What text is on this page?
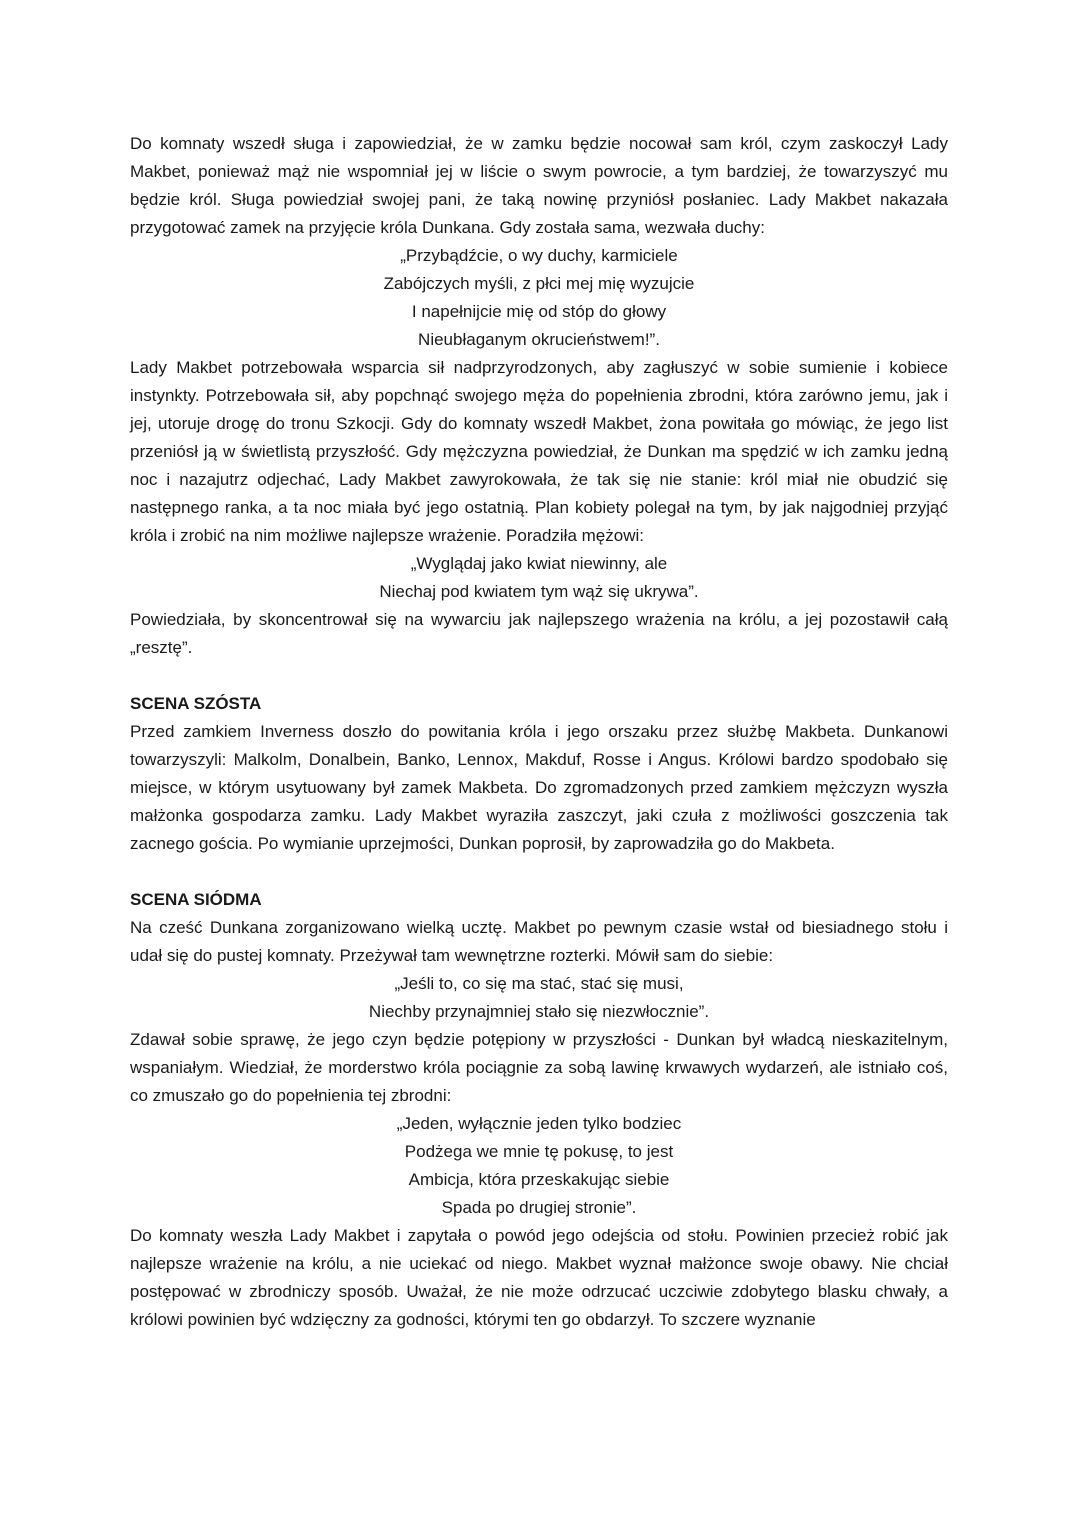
Do komnaty wszedł sługa i zapowiedział, że w zamku będzie nocował sam król, czym zaskoczył Lady Makbet, ponieważ mąż nie wspomniał jej w liście o swym powrocie, a tym bardziej, że towarzyszyć mu będzie król. Sługa powiedział swojej pani, że taką nowinę przyniósł posłaniec. Lady Makbet nakazała przygotować zamek na przyjęcie króla Dunkana. Gdy została sama, wezwała duchy:

„Przybądźcie, o wy duchy, karmiciele
Zabójczych myśli, z płci mej mię wyzujcie
I napełnijcie mię od stóp do głowy
Nieubłaganym okrucieństwem!”.

Lady Makbet potrzebowała wsparcia sił nadprzyrodzonych, aby zagłuszyć w sobie sumienie i kobiece instynkty. Potrzebowała sił, aby popchnąć swojego męża do popełnienia zbrodni, która zarówno jemu, jak i jej, utoruje drogę do tronu Szkocji. Gdy do komnaty wszedł Makbet, żona powitała go mówiąc, że jego list przeniósł ją w świetlistą przyszłość. Gdy mężczyzna powiedział, że Dunkan ma spędzić w ich zamku jedną noc i nazajutrz odjechać, Lady Makbet zawyrokowała, że tak się nie stanie: król miał nie obudzić się następnego ranka, a ta noc miała być jego ostatnią. Plan kobiety polegał na tym, by jak najgodniej przyjąć króla i zrobić na nim możliwe najlepsze wrażenie. Poradziła mężowi:

„Wyglądaj jako kwiat niewinny, ale
Niechaj pod kwiatem tym wąż się ukrywa”.

Powiedziała, by skoncentrował się na wywarciu jak najlepszego wrażenia na królu, a jej pozostawił całą „resztę”.

SCENA SZÓSTA

Przed zamkiem Inverness doszło do powitania króla i jego orszaku przez służbę Makbeta. Dunkanowi towarzyszyli: Malkolm, Donalbein, Banko, Lennox, Makduf, Rosse i Angus. Królowi bardzo spodobało się miejsce, w którym usytuowany był zamek Makbeta. Do zgromadzonych przed zamkiem mężczyzn wyszła małżonka gospodarza zamku. Lady Makbet wyraziła zaszczyt, jaki czuła z możliwości goszczenia tak zacnego gościa. Po wymianie uprzejmości, Dunkan poprosił, by zaprowadziła go do Makbeta.

SCENA SIÓDMA

Na cześć Dunkana zorganizowano wielką ucztę. Makbet po pewnym czasie wstał od biesiadnego stołu i udał się do pustej komnaty. Przeżywał tam wewnętrzne rozterki. Mówił sam do siebie:

„Jeśli to, co się ma stać, stać się musi,
Niechby przynajmniej stało się niezwłocznie”.

Zdawał sobie sprawę, że jego czyn będzie potępiony w przyszłości - Dunkan był władcą nieskazitelnym, wspaniałym. Wiedział, że morderstwo króla pociągnie za sobą lawinę krwawych wydarzeń, ale istniało coś, co zmuszało go do popełnienia tej zbrodni:

„Jeden, wyłącznie jeden tylko bodziec
Podżega we mnie tę pokusę, to jest
Ambicja, która przeskakując siebie
Spada po drugiej stronie”.

Do komnaty weszła Lady Makbet i zapytała o powód jego odejścia od stołu. Powinien przecież robić jak najlepsze wrażenie na królu, a nie uciekać od niego. Makbet wyznał małżonce swoje obawy. Nie chciał postępować w zbrodniczy sposób. Uważał, że nie może odrzucać uczciwie zdobytego blasku chwały, a królowi powinien być wdzięczny za godności, którymi ten go obdarzył. To szczere wyznanie
